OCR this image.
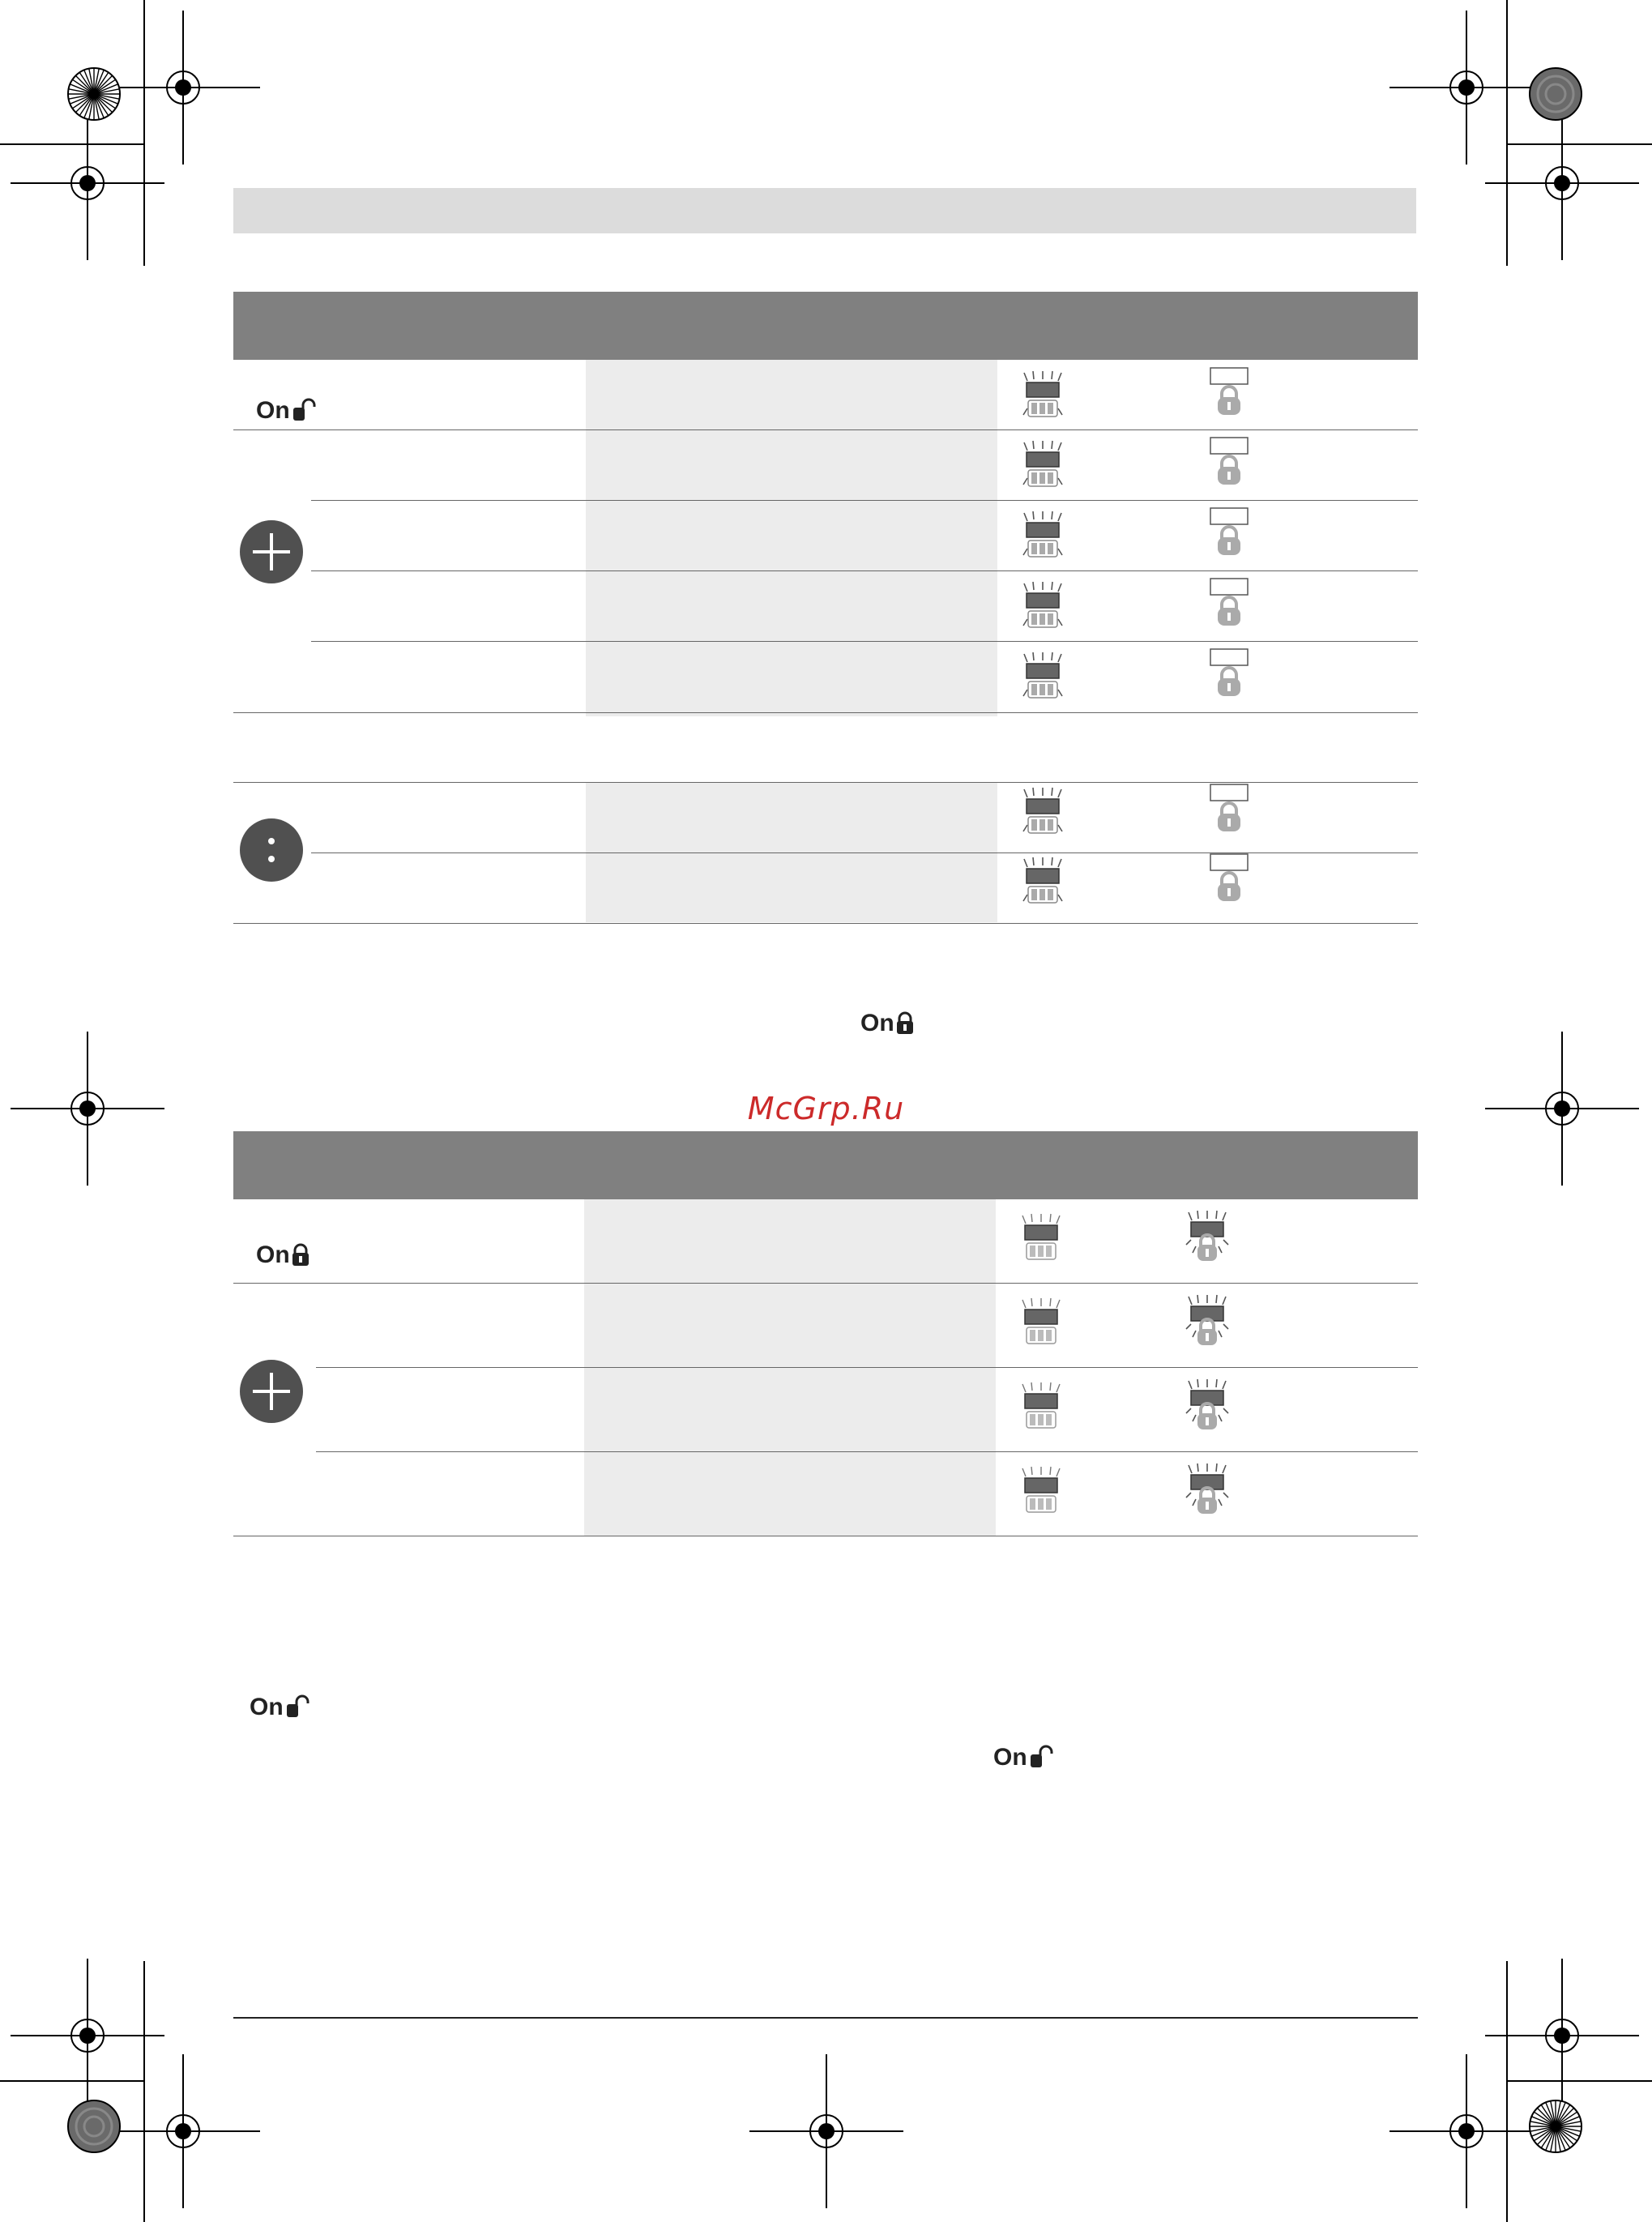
On
On
McGrp.Ru
On
On
On
